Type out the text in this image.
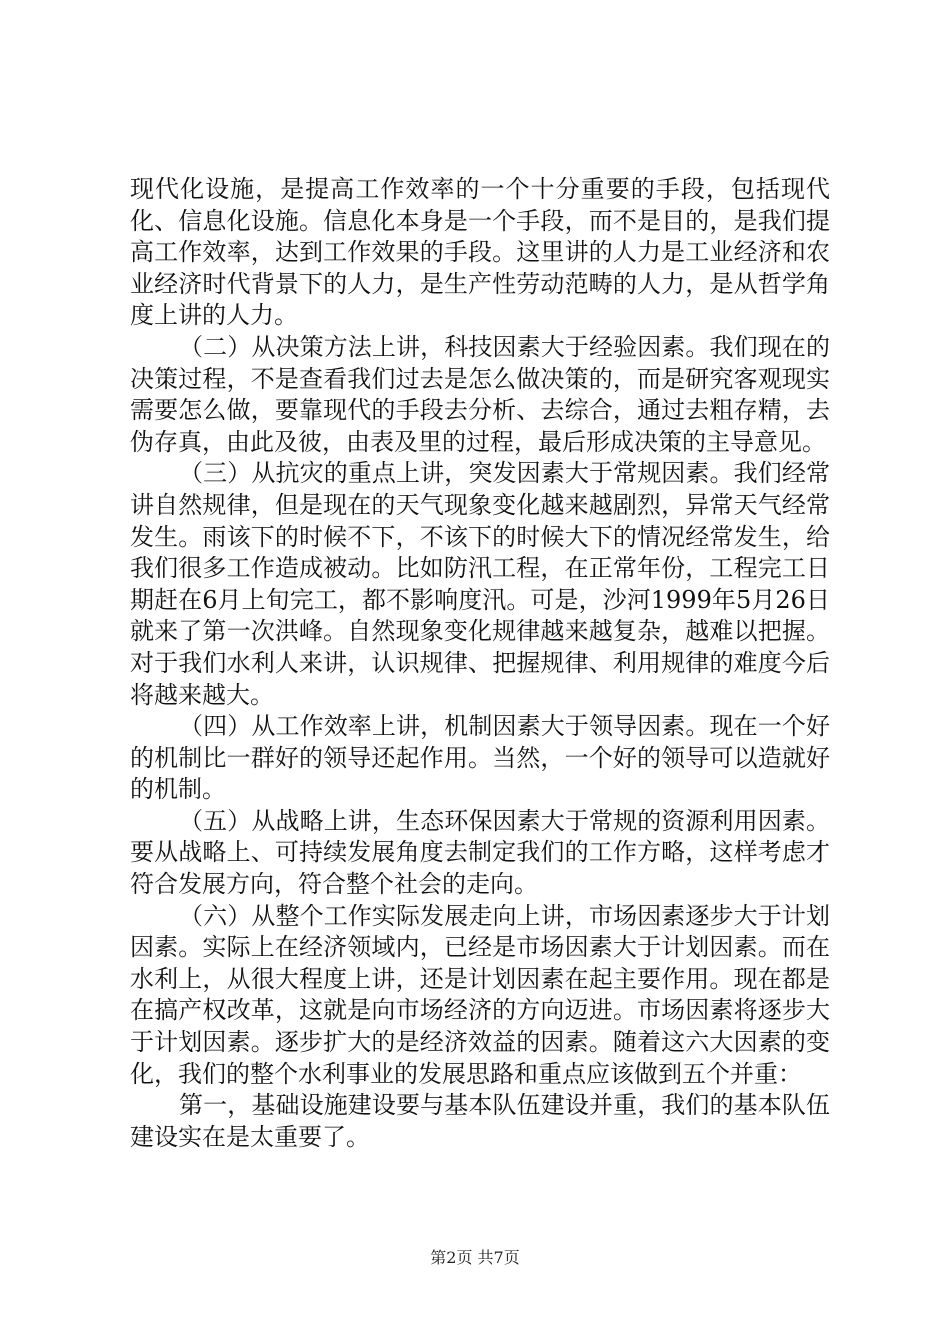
现代化设施，是提高工作效率的一个十分重要的手段，包括现代化、信息化设施。信息化本身是一个手段，而不是目的，是我们提高工作效率，达到工作效果的手段。这里讲的人力是工业经济和农业经济时代背景下的人力，是生产性劳动范畴的人力，是从哲学角度上讲的人力。

（二）从决策方法上讲，科技因素大于经验因素。我们现在的决策过程，不是查看我们过去是怎么做决策的，而是研究客观现实需要怎么做，要靠现代的手段去分析、去综合，通过去粗存精，去伪存真，由此及彼，由表及里的过程，最后形成决策的主导意见。

（三）从抗灾的重点上讲，突发因素大于常规因素。我们经常讲自然规律，但是现在的天气现象变化越来越剧烈，异常天气经常发生。雨该下的时候不下，不该下的时候大下的情况经常发生，给我们很多工作造成被动。比如防汛工程，在正常年份，工程完工日期赶在6月上旬完工，都不影响度汛。可是，沙河1999年5月26日就来了第一次洪峰。自然现象变化规律越来越复杂，越难以把握。对于我们水利人来讲，认识规律、把握规律、利用规律的难度今后将越来越大。

（四）从工作效率上讲，机制因素大于领导因素。现在一个好的机制比一群好的领导还起作用。当然，一个好的领导可以造就好的机制。

（五）从战略上讲，生态环保因素大于常规的资源利用因素。要从战略上、可持续发展角度去制定我们的工作方略，这样考虑才符合发展方向，符合整个社会的走向。

（六）从整个工作实际发展走向上讲，市场因素逐步大于计划因素。实际上在经济领域内，已经是市场因素大于计划因素。而在水利上，从很大程度上讲，还是计划因素在起主要作用。现在都是在搞产权改革，这就是向市场经济的方向迈进。市场因素将逐步大于计划因素。逐步扩大的是经济效益的因素。随着这六大因素的变化，我们的整个水利事业的发展思路和重点应该做到五个并重：

第一，基础设施建设要与基本队伍建设并重，我们的基本队伍建设实在是太重要了。

第2页 共7页
